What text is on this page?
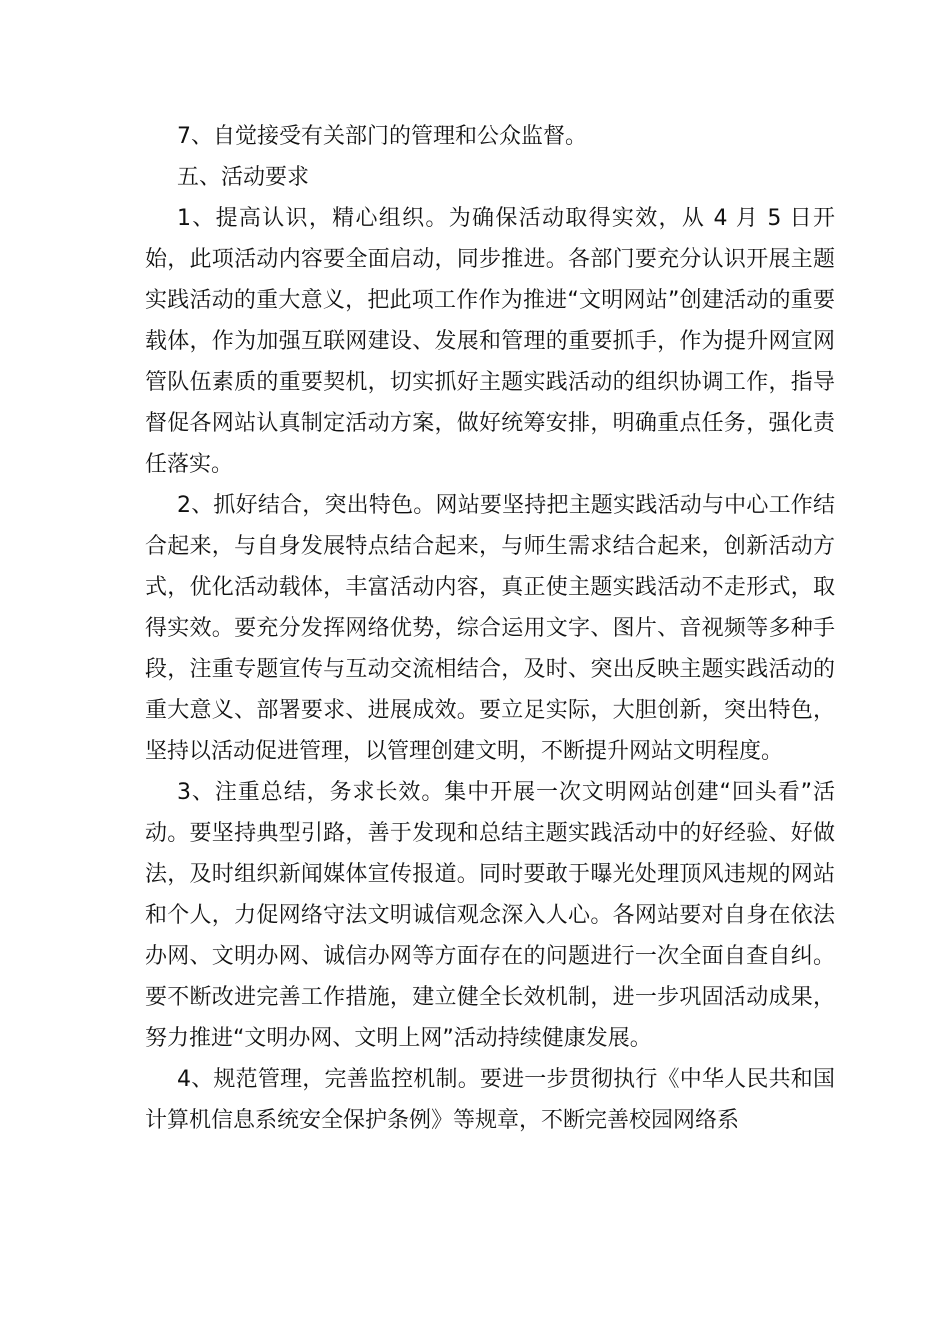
7、自觉接受有关部门的管理和公众监督。

五、活动要求

1、提高认识，精心组织。为确保活动取得实效，从 4 月 5 日开始，此项活动内容要全面启动，同步推进。各部门要充分认识开展主题实践活动的重大意义，把此项工作作为推进“文明网站”创建活动的重要载体，作为加强互联网建设、发展和管理的重要抓手，作为提升网宣网管队伍素质的重要契机，切实抓好主题实践活动的组织协调工作，指导督促各网站认真制定活动方案，做好统筹安排，明确重点任务，强化责任落实。

2、抓好结合，突出特色。网站要坚持把主题实践活动与中心工作结合起来，与自身发展特点结合起来，与师生需求结合起来，创新活动方式，优化活动载体，丰富活动内容，真正使主题实践活动不走形式，取得实效。要充分发挥网络优势，综合运用文字、图片、音视频等多种手段，注重专题宣传与互动交流相结合，及时、突出反映主题实践活动的重大意义、部署要求、进展成效。要立足实际，大胆创新，突出特色，坚持以活动促进管理，以管理创建文明，不断提升网站文明程度。

3、注重总结，务求长效。集中开展一次文明网站创建“回头看”活动。要坚持典型引路，善于发现和总结主题实践活动中的好经验、好做法，及时组织新闻媒体宣传报道。同时要敢于曝光处理顶风违规的网站和个人，力促网络守法文明诚信观念深入人心。各网站要对自身在依法办网、文明办网、诚信办网等方面存在的问题进行一次全面自查自纠。要不断改进完善工作措施，建立健全长效机制，进一步巩固活动成果，努力推进“文明办网、文明上网”活动持续健康发展。

4、规范管理，完善监控机制。要进一步贯彻执行《中华人民共和国计算机信息系统安全保护条例》等规章，不断完善校园网络系
